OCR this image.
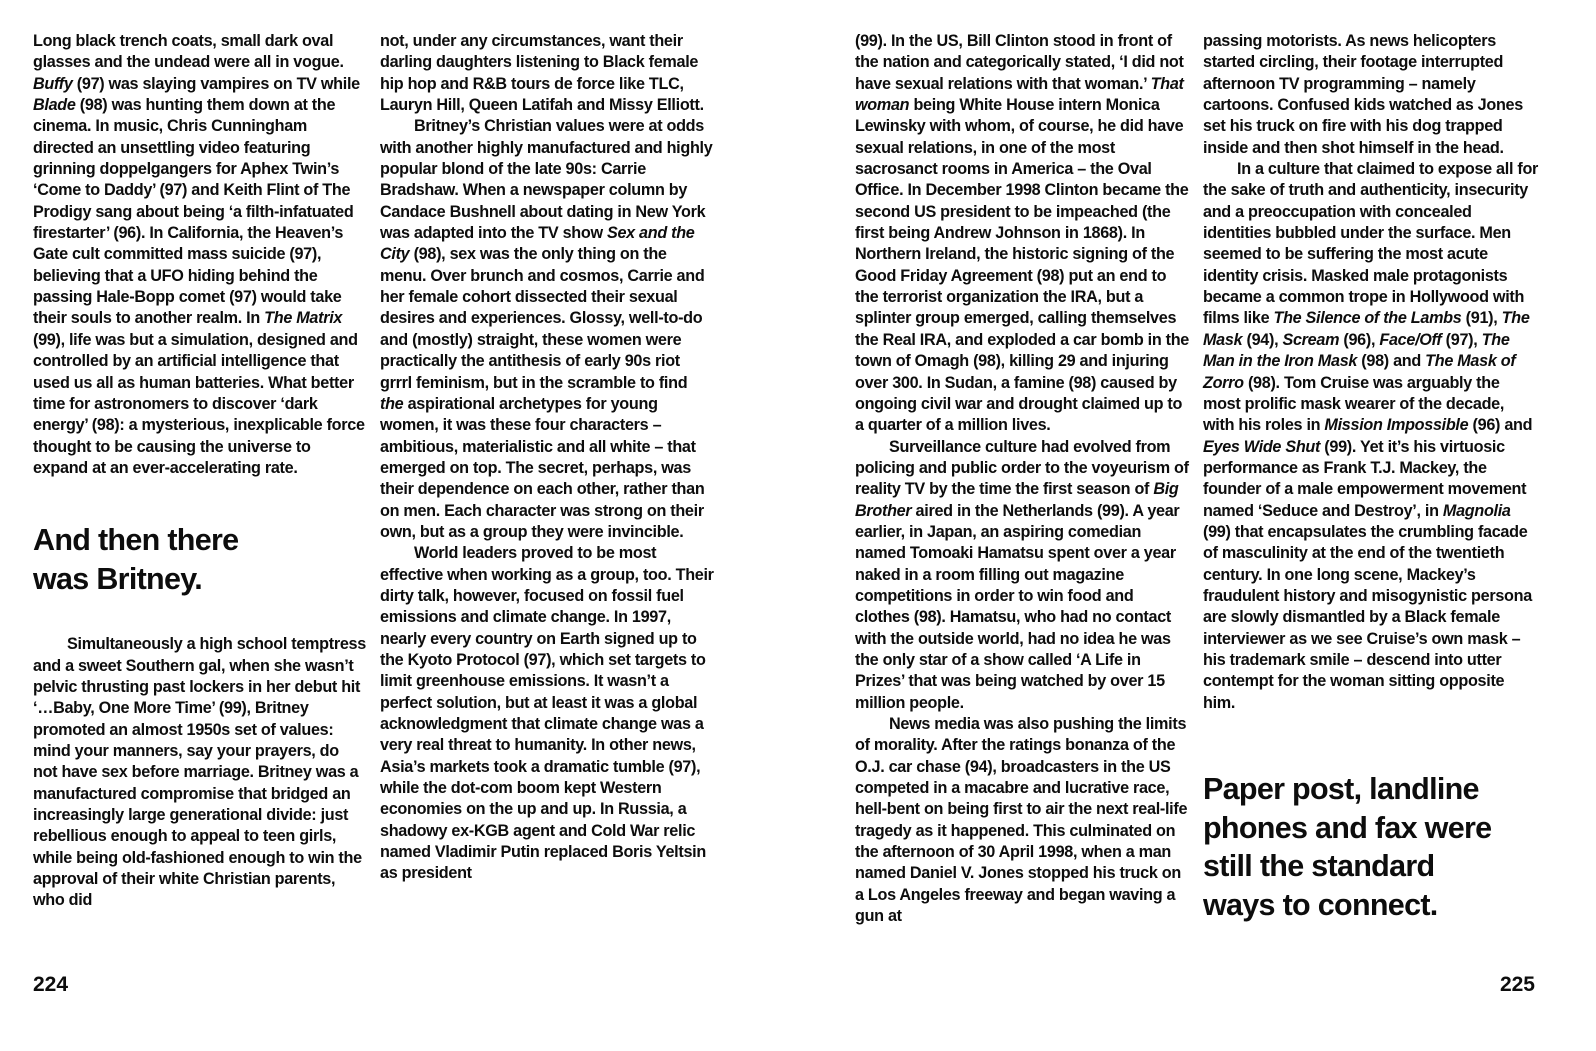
Long black trench coats, small dark oval glasses and the undead were all in vogue. Buffy (97) was slaying vampires on TV while Blade (98) was hunting them down at the cinema. In music, Chris Cunningham directed an unsettling video featuring grinning doppelgangers for Aphex Twin’s ‘Come to Daddy’ (97) and Keith Flint of The Prodigy sang about being ‘a filth-infatuated firestarter’ (96). In California, the Heaven’s Gate cult committed mass suicide (97), believing that a UFO hiding behind the passing Hale-Bopp comet (97) would take their souls to another realm. In The Matrix (99), life was but a simulation, designed and controlled by an artificial intelligence that used us all as human batteries. What better time for astronomers to discover ‘dark energy’ (98): a mysterious, inexplicable force thought to be causing the universe to expand at an ever-accelerating rate.

And then there was Britney.

Simultaneously a high school temptress and a sweet Southern gal, when she wasn’t pelvic thrusting past lockers in her debut hit ‘…Baby, One More Time’ (99), Britney promoted an almost 1950s set of values: mind your manners, say your prayers, do not have sex before marriage. Britney was a manufactured compromise that bridged an increasingly large generational divide: just rebellious enough to appeal to teen girls, while being old-fashioned enough to win the approval of their white Christian parents, who did

not, under any circumstances, want their darling daughters listening to Black female hip hop and R&B tours de force like TLC, Lauryn Hill, Queen Latifah and Missy Elliott.

Britney’s Christian values were at odds with another highly manufactured and highly popular blond of the late 90s: Carrie Bradshaw. When a newspaper column by Candace Bushnell about dating in New York was adapted into the TV show Sex and the City (98), sex was the only thing on the menu. Over brunch and cosmos, Carrie and her female cohort dissected their sexual desires and experiences. Glossy, well-to-do and (mostly) straight, these women were practically the antithesis of early 90s riot grrrl feminism, but in the scramble to find the aspirational archetypes for young women, it was these four characters – ambitious, materialistic and all white – that emerged on top. The secret, perhaps, was their dependence on each other, rather than on men. Each character was strong on their own, but as a group they were invincible.

World leaders proved to be most effective when working as a group, too. Their dirty talk, however, focused on fossil fuel emissions and climate change. In 1997, nearly every country on Earth signed up to the Kyoto Protocol (97), which set targets to limit greenhouse emissions. It wasn’t a perfect solution, but at least it was a global acknowledgment that climate change was a very real threat to humanity. In other news, Asia’s markets took a dramatic tumble (97), while the dot-com boom kept Western economies on the up and up. In Russia, a shadowy ex-KGB agent and Cold War relic named Vladimir Putin replaced Boris Yeltsin as president

(99). In the US, Bill Clinton stood in front of the nation and categorically stated, ‘I did not have sexual relations with that woman.’ That woman being White House intern Monica Lewinsky with whom, of course, he did have sexual relations, in one of the most sacrosanct rooms in America – the Oval Office. In December 1998 Clinton became the second US president to be impeached (the first being Andrew Johnson in 1868). In Northern Ireland, the historic signing of the Good Friday Agreement (98) put an end to the terrorist organization the IRA, but a splinter group emerged, calling themselves the Real IRA, and exploded a car bomb in the town of Omagh (98), killing 29 and injuring over 300. In Sudan, a famine (98) caused by ongoing civil war and drought claimed up to a quarter of a million lives.

Surveillance culture had evolved from policing and public order to the voyeurism of reality TV by the time the first season of Big Brother aired in the Netherlands (99). A year earlier, in Japan, an aspiring comedian named Tomoaki Hamatsu spent over a year naked in a room filling out magazine competitions in order to win food and clothes (98). Hamatsu, who had no contact with the outside world, had no idea he was the only star of a show called ‘A Life in Prizes’ that was being watched by over 15 million people.

News media was also pushing the limits of morality. After the ratings bonanza of the O.J. car chase (94), broadcasters in the US competed in a macabre and lucrative race, hell-bent on being first to air the next real-life tragedy as it happened. This culminated on the afternoon of 30 April 1998, when a man named Daniel V. Jones stopped his truck on a Los Angeles freeway and began waving a gun at

passing motorists. As news helicopters started circling, their footage interrupted afternoon TV programming – namely cartoons. Confused kids watched as Jones set his truck on fire with his dog trapped inside and then shot himself in the head.

In a culture that claimed to expose all for the sake of truth and authenticity, insecurity and a preoccupation with concealed identities bubbled under the surface. Men seemed to be suffering the most acute identity crisis. Masked male protagonists became a common trope in Hollywood with films like The Silence of the Lambs (91), The Mask (94), Scream (96), Face/Off (97), The Man in the Iron Mask (98) and The Mask of Zorro (98). Tom Cruise was arguably the most prolific mask wearer of the decade, with his roles in Mission Impossible (96) and Eyes Wide Shut (99). Yet it’s his virtuosic performance as Frank T.J. Mackey, the founder of a male empowerment movement named ‘Seduce and Destroy’, in Magnolia (99) that encapsulates the crumbling facade of masculinity at the end of the twentieth century. In one long scene, Mackey’s fraudulent history and misogynistic persona are slowly dismantled by a Black female interviewer as we see Cruise’s own mask – his trademark smile – descend into utter contempt for the woman sitting opposite him.

Paper post, landline phones and fax were still the standard ways to connect.
224	225
